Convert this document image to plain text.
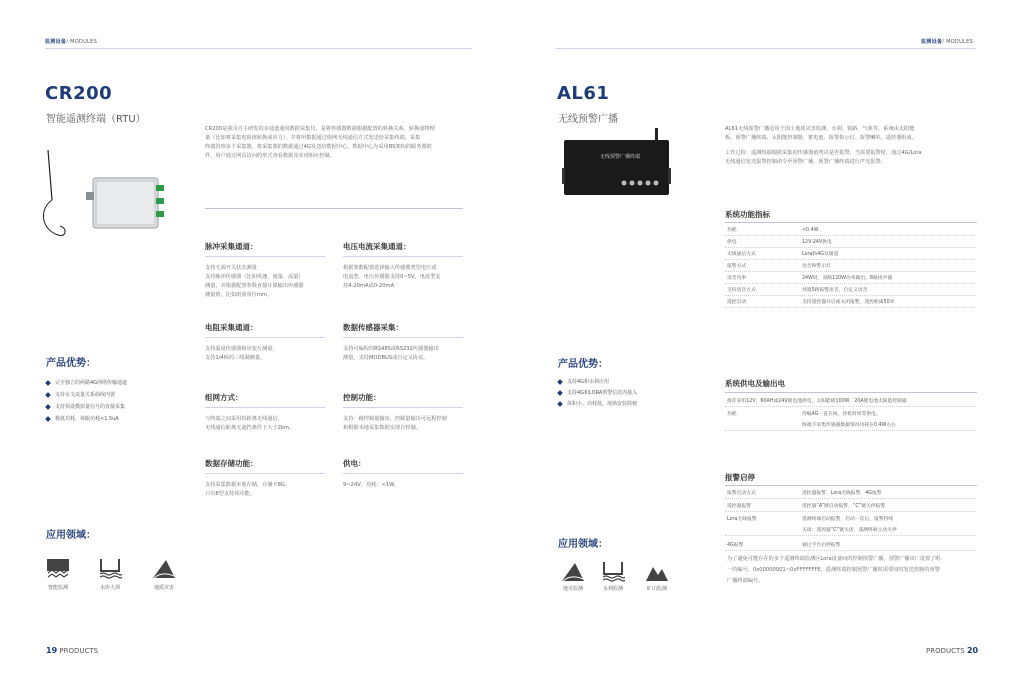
监测设备/ MODULES
CR200
智能遥测终端（RTU）
CR200是我司自主研发的多通道通用数据采集仪，是将传感器数据根据配置的转换关系，转换成物理
量（比如将采集电阻值转换成应力），并将所数据通过组网无线通信方式发送给采集终端。采集
终端管理多个采集器，将采集器的数据通过4G发送给数据中心。数据中心为采用BS架构的服务器软
件，用户通过网页访问的形式查看数据及实现相应控制。
脉冲采集通道：
支持无源开关状态测量
支持脉冲传感器（比如风速、雨量、流量）
测量，并根据配置参数直接计算输出传感器
测量值，比如雨量单位mm。
电压电流采集通道：
根据参数配置选择输入传感器类型电压或
电流型。电压传感器支持0~5V，电流型支
持4-20mA或0-20mA
电阻采集通道：
支持温度传感器和应变片测量，
支持1/4桥的三线制测量。
数据传感器采集：
支持可编程的RS485或RS232传感器输出
测量，支持MODBUS或自定义协议。
组网方式：
与终端之间采用短距离无线通信，
无线通信距离无遮挡条件下大于2km。
控制功能：
支持一路控制量输出，控制量输出可远程控制
和根据本地采集数据实现自控制。
数据存储功能：
支持采集数据本地存储，存储卡8G，
只有8型支持该功能。
供电：
9~24V，功耗：<1W。
产品优势：
完全独立的两路4G网络传输通道
支持水文流量关系曲线内置
支持预设模拟量信号的直接采集
极低功耗，休眠功耗<1.5uA
应用领域：
智能监测	水库大坝	地质灾害
19 PRODUCTS
监测设备/ MODULES
AL61
无线预警广播
无线预警广播终端
AL61无线预警广播适用于国土地质灾害监测、水利、铁路、气象等。系统由太阳能
板、预警广播终端、太阳能控制器、蓄电池、报警指示灯、报警喇叭、遥控器组成。
工作过程：遥测终端根据采集的传感器值判决是否报警，当需要报警时，通过4G/Lora
无线通信发送报警控制命令至预警广播，预警广播终端进行声光报警。
系统功能指标
功耗	<0.4W
供电	12V-24V供电
无线通信方式	Lora和4G双通道
报警方式	语音和警示灯
语音功率	24W时，双路120W功率输出，8路扬声器
支持语音方式	预置5路报警语音，自定义语音
遥控启动	支持遥控器开启或关闭报警，遥控距离50米
系统供电及输出电
推荐采用12V、60AH或24V锂电池供电，太阳能板100W、20A锂电池太阳能控制器
功耗	待编4G一直在线，待机时同等供电。
终端不采集传感器数据情况功耗在0.4W左右
报警启停
报警启动方式	遥控器报警、Lora无线报警、4G报警
遥控器报警	遥控器“A”键启动报警，“C”键关停报警
Lora无线报警	遥测终端启动报警，启动一次后，报警持续
关闭：遥控器“C”键关闭，遥测终端主动关停
4G报警	通过平台启停报警
为了避免可能存在的多个遥测终端监测区Lora设备间的控制预警广播，预警广播出厂设置了唱
一的编号，0x00000001~0xFFFFFFFE。遥测终端控制预警广播时需要同时发送控制的预警
广播终端编号。
产品优势：
支持4G和水利应用
支持4G和LORA预警信息内接入
体积小、功耗低，现场安装简便
应用领域：
地灾监测	水利监测	矿山监测
PRODUCTS 20
